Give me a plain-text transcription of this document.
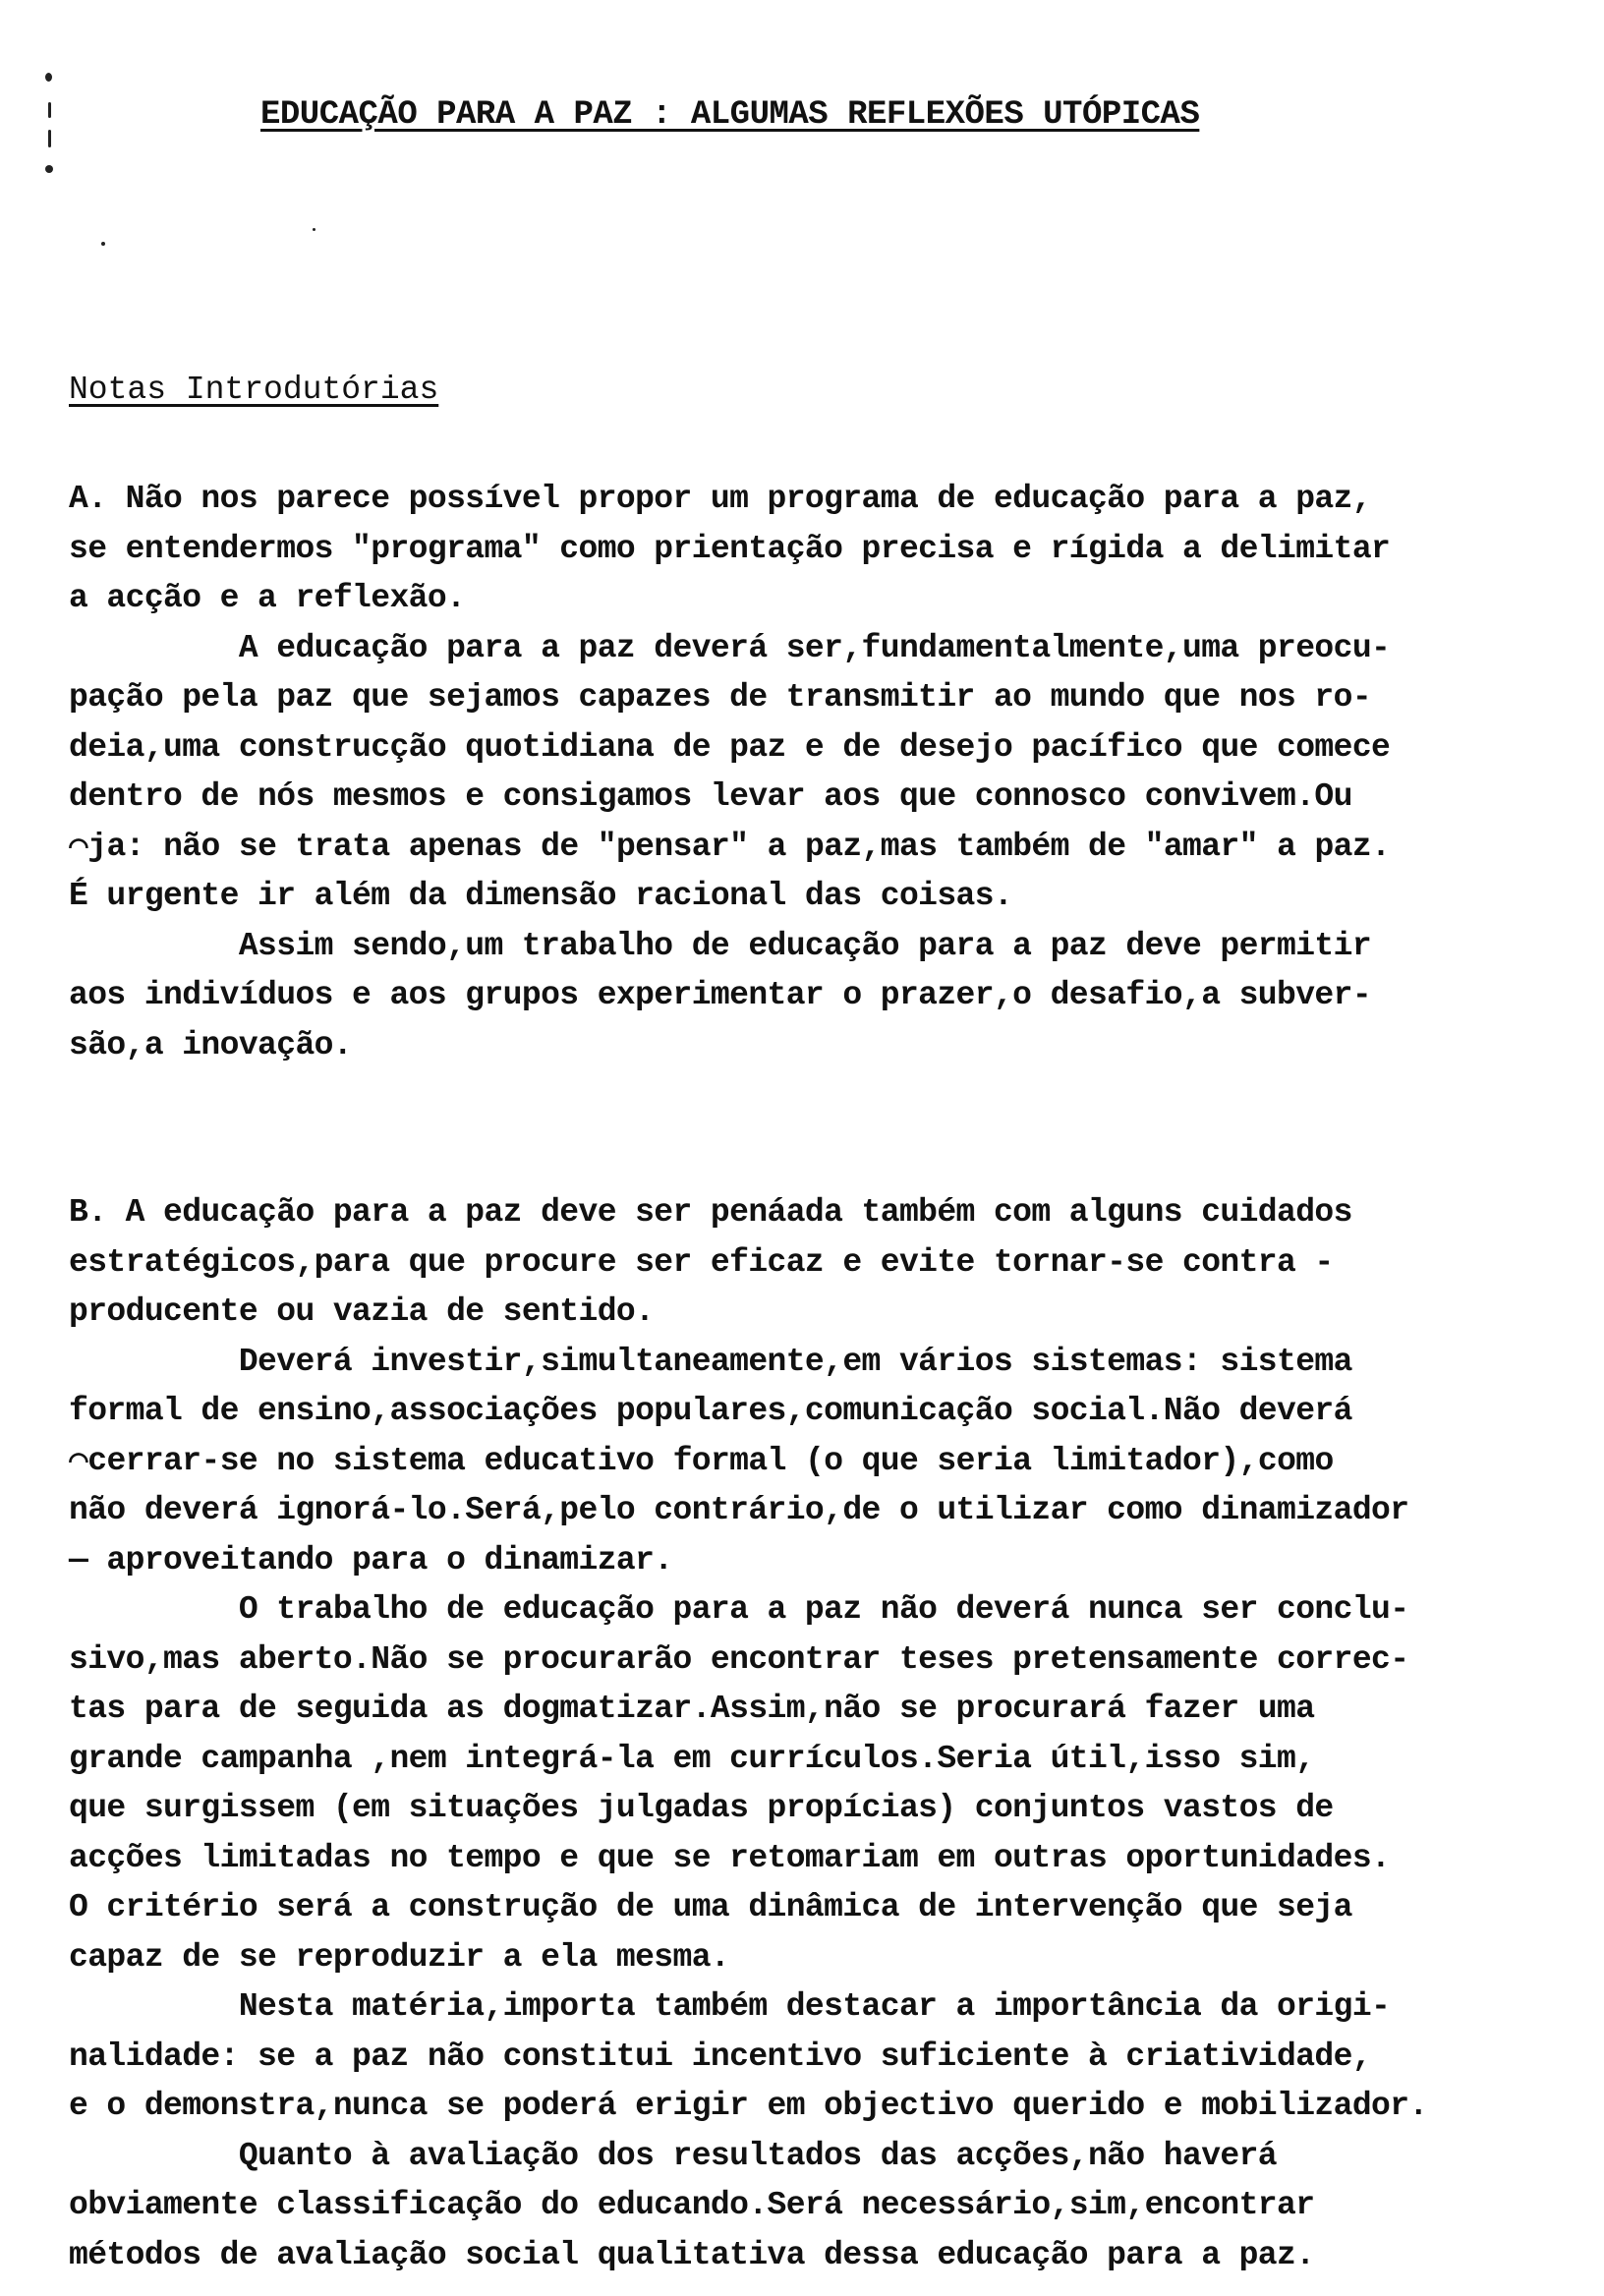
EDUCAÇÃO PARA A PAZ : ALGUMAS REFLEXÕES UTÓPICAS
Notas Introdutórias
A. Não nos parece possível propor um programa de educação para a paz,
se entendermos "programa" como prientação precisa e rígida a delimitar
a acção e a reflexão.
A educação para a paz deverá ser,fundamentalmente,uma preocu-
pação pela paz que sejamos capazes de transmitir ao mundo que nos ro-
deia,uma construcção quotidiana de paz e de desejo pacífico que comece
dentro de nós mesmos e consigamos levar aos que connosco convivem.Ou
⌒ja: não se trata apenas de "pensar" a paz,mas também de "amar" a paz.
É urgente ir além da dimensão racional das coisas.
Assim sendo,um trabalho de educação para a paz deve permitir
aos indivíduos e aos grupos experimentar o prazer,o desafio,a subver-
são,a inovação.
B. A educação para a paz deve ser penáada também com alguns cuidados
estratégicos,para que procure ser eficaz e evite tornar-se contra -
producente ou vazia de sentido.
Deverá investir,simultaneamente,em vários sistemas: sistema
formal de ensino,associações populares,comunicação social.Não deverá
⌒cerrar-se no sistema educativo formal (o que seria limitador),como
não deverá ignorá-lo.Será,pelo contrário,de o utilizar como dinamizador
— aproveitando para o dinamizar.
O trabalho de educação para a paz não deverá nunca ser conclu-
sivo,mas aberto.Não se procurarão encontrar teses pretensamente correc-
tas para de seguida as dogmatizar.Assim,não se procurará fazer uma
grande campanha ,nem integrá-la em currículos.Seria útil,isso sim,
que surgissem (em situações julgadas propícias) conjuntos vastos de
acções limitadas no tempo e que se retomariam em outras oportunidades.
O critério será a construção de uma dinâmica de intervenção que seja
capaz de se reproduzir a ela mesma.
Nesta matéria,importa também destacar a importância da origi-
nalidade: se a paz não constitui incentivo suficiente à criatividade,
e o demonstra,nunca se poderá erigir em objectivo querido e mobilizador.
Quanto à avaliação dos resultados das acções,não haverá
obviamente classificação do educando.Será necessário,sim,encontrar
métodos de avaliação social qualitativa dessa educação para a paz.
